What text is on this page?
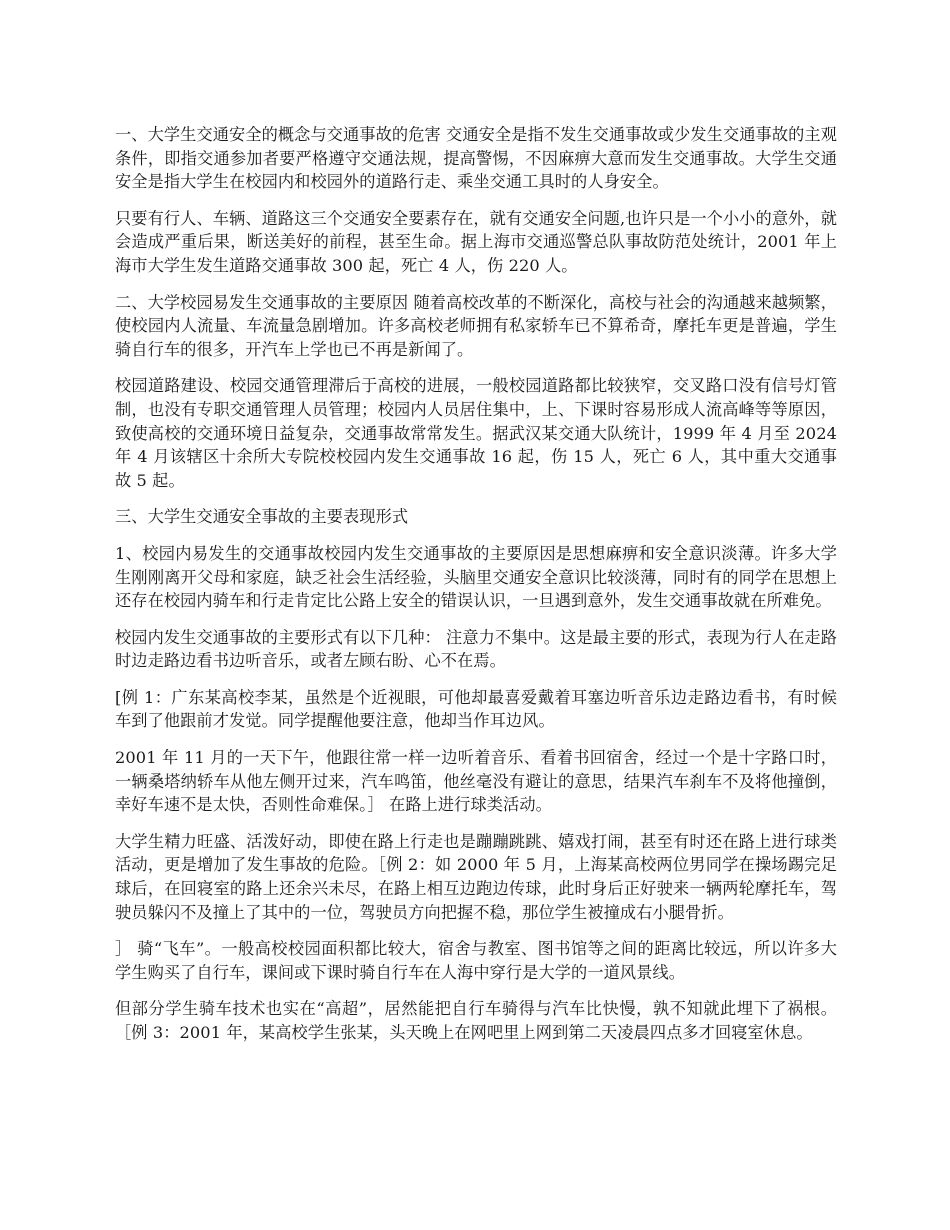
一、大学生交通安全的概念与交通事故的危害 交通安全是指不发生交通事故或少发生交通事故的主观条件，即指交通参加者要严格遵守交通法规，提高警惕，不因麻痹大意而发生交通事故。大学生交通安全是指大学生在校园内和校园外的道路行走、乘坐交通工具时的人身安全。

只要有行人、车辆、道路这三个交通安全要素存在，就有交通安全问题,也许只是一个小小的意外，就会造成严重后果，断送美好的前程，甚至生命。据上海市交通巡警总队事故防范处统计，2001 年上海市大学生发生道路交通事故 300 起，死亡 4 人，伤 220 人。

二、大学校园易发生交通事故的主要原因 随着高校改革的不断深化，高校与社会的沟通越来越频繁，使校园内人流量、车流量急剧增加。许多高校老师拥有私家轿车已不算希奇，摩托车更是普遍，学生骑自行车的很多，开汽车上学也已不再是新闻了。

校园道路建设、校园交通管理滞后于高校的进展，一般校园道路都比较狭窄，交叉路口没有信号灯管制，也没有专职交通管理人员管理；校园内人员居住集中，上、下课时容易形成人流高峰等等原因，致使高校的交通环境日益复杂，交通事故常常发生。据武汉某交通大队统计，1999 年 4 月至 2024 年 4 月该辖区十余所大专院校校园内发生交通事故 16 起，伤 15 人，死亡 6 人，其中重大交通事故 5 起。

三、大学生交通安全事故的主要表现形式

1、校园内易发生的交通事故校园内发生交通事故的主要原因是思想麻痹和安全意识淡薄。许多大学生刚刚离开父母和家庭，缺乏社会生活经验，头脑里交通安全意识比较淡薄，同时有的同学在思想上还存在校园内骑车和行走肯定比公路上安全的错误认识，一旦遇到意外，发生交通事故就在所难免。

校园内发生交通事故的主要形式有以下几种： 注意力不集中。这是最主要的形式，表现为行人在走路时边走路边看书边听音乐，或者左顾右盼、心不在焉。

[例 1：广东某高校李某，虽然是个近视眼，可他却最喜爱戴着耳塞边听音乐边走路边看书，有时候车到了他跟前才发觉。同学提醒他要注意，他却当作耳边风。

2001 年 11 月的一天下午，他跟往常一样一边听着音乐、看着书回宿舍，经过一个是十字路口时，一辆桑塔纳轿车从他左侧开过来，汽车鸣笛，他丝毫没有避让的意思，结果汽车刹车不及将他撞倒，幸好车速不是太快，否则性命难保。］ 在路上进行球类活动。

大学生精力旺盛、活泼好动，即使在路上行走也是蹦蹦跳跳、嬉戏打闹，甚至有时还在路上进行球类活动，更是增加了发生事故的危险。［例 2：如 2000 年 5 月，上海某高校两位男同学在操场踢完足球后，在回寝室的路上还余兴未尽，在路上相互边跑边传球，此时身后正好驶来一辆两轮摩托车，驾驶员躲闪不及撞上了其中的一位，驾驶员方向把握不稳，那位学生被撞成右小腿骨折。

］ 骑“飞车”。一般高校校园面积都比较大，宿舍与教室、图书馆等之间的距离比较远，所以许多大学生购买了自行车，课间或下课时骑自行车在人海中穿行是大学的一道风景线。

但部分学生骑车技术也实在“高超”，居然能把自行车骑得与汽车比快慢，孰不知就此埋下了祸根。［例 3：2001 年，某高校学生张某，头天晚上在网吧里上网到第二天凌晨四点多才回寝室休息。
